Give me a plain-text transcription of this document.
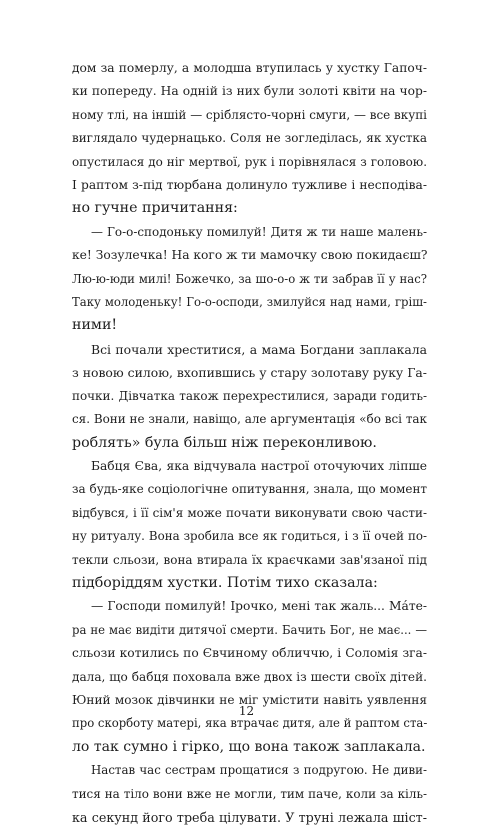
дом за померлу, а молодша втупилась у хустку Гапоч-
ки попереду. На одній із них були золоті квіти на чор-
ному тлі, на іншій — сріблясто-чорні смуги, — все вкупі
виглядало чудернацько. Соля не зогледілась, як хустка
опустилася до ніг мертвої, рук і порівнялася з головою.
І раптом з-під тюрбана долинуло тужливе і несподіва-
но гучне причитання:
— Го-о-сподоньку помилуй! Дитя ж ти наше малень-
ке! Зозулечка! На кого ж ти мамочку свою покидаєш?
Лю-ю-юди милі! Божечко, за шо-о-о ж ти забрав її у нас?
Таку молоденьку! Го-о-осподи, змилуйся над нами, грiш-
ними!
Всі почали хреститися, а мама Богдани заплакала
з новою силою, вхопившись у стару золотаву руку Га-
почки. Дівчатка також перехрестилися, заради годить-
ся. Вони не знали, навіщо, але аргументація «бо всі так
роблять» була більш ніж переконливою.
Бабця Єва, яка відчувала настрої оточуючих ліпше
за будь-яке соціологічне опитування, знала, що момент
відбувся, і її сім'я може почати виконувати свою части-
ну ритуалу. Вона зробила все як годиться, і з її очей по-
текли сльози, вона втирала їх краєчками зав'язаної під
підборіддям хустки. Потім тихо сказала:
— Господи помилуй! Ірочко, мені так жаль... Мáте-
ра не має видіти дитячої смерти. Бачить Бог, не має... —
сльози котились по Євчиному обличчю, і Соломія зга-
дала, що бабця поховала вже двох із шести своїх дітей.
Юний мозок дівчинки не міг умістити навіть уявлення
про скорботу матері, яка втрачає дитя, але й раптом ста-
ло так сумно і гірко, що вона також заплакала.
Настав час сестрам прощатися з подругою. Не диви-
тися на тіло вони вже не могли, тим паче, коли за кіль-
ка секунд його треба цілувати. У труні лежала шіст-
12
